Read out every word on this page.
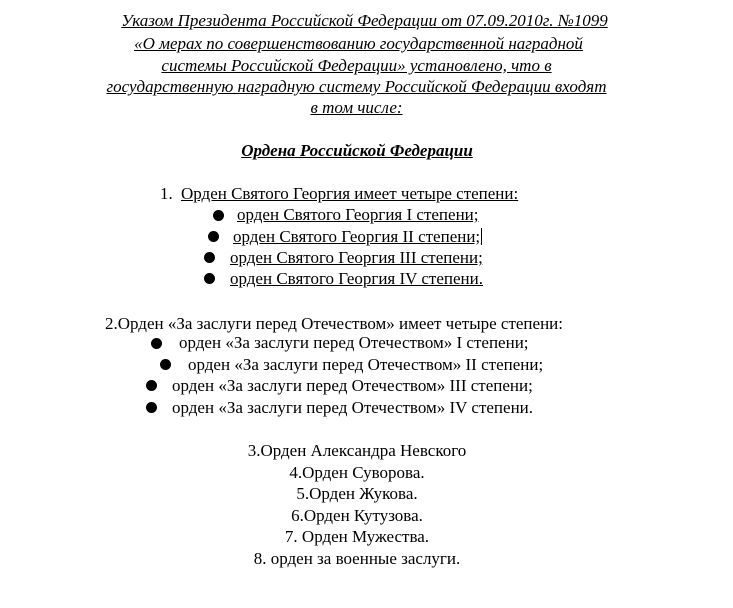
Указом Президента Российской Федерации от 07.09.2010г. №1099
«О мерах по совершенствованию государственной наградной
системы Российской Федерации» установлено, что в
государственную наградную систему Российской Федерации входят
в том числе:
Ордена Российской Федерации
1. Орден Святого Георгия имеет четыре степени:
орден Святого Георгия I степени;
орден Святого Георгия II степени;
орден Святого Георгия III степени;
орден Святого Георгия IV степени.
2.Орден «За заслуги перед Отечеством» имеет четыре степени:
орден «За заслуги перед Отечеством» I степени;
орден «За заслуги перед Отечеством» II степени;
орден «За заслуги перед Отечеством» III степени;
орден «За заслуги перед Отечеством» IV степени.
3.Орден Александра Невского
4.Орден Суворова.
5.Орден Жукова.
6.Орден Кутузова.
7. Орден Мужества.
8. орден за военные заслуги.
